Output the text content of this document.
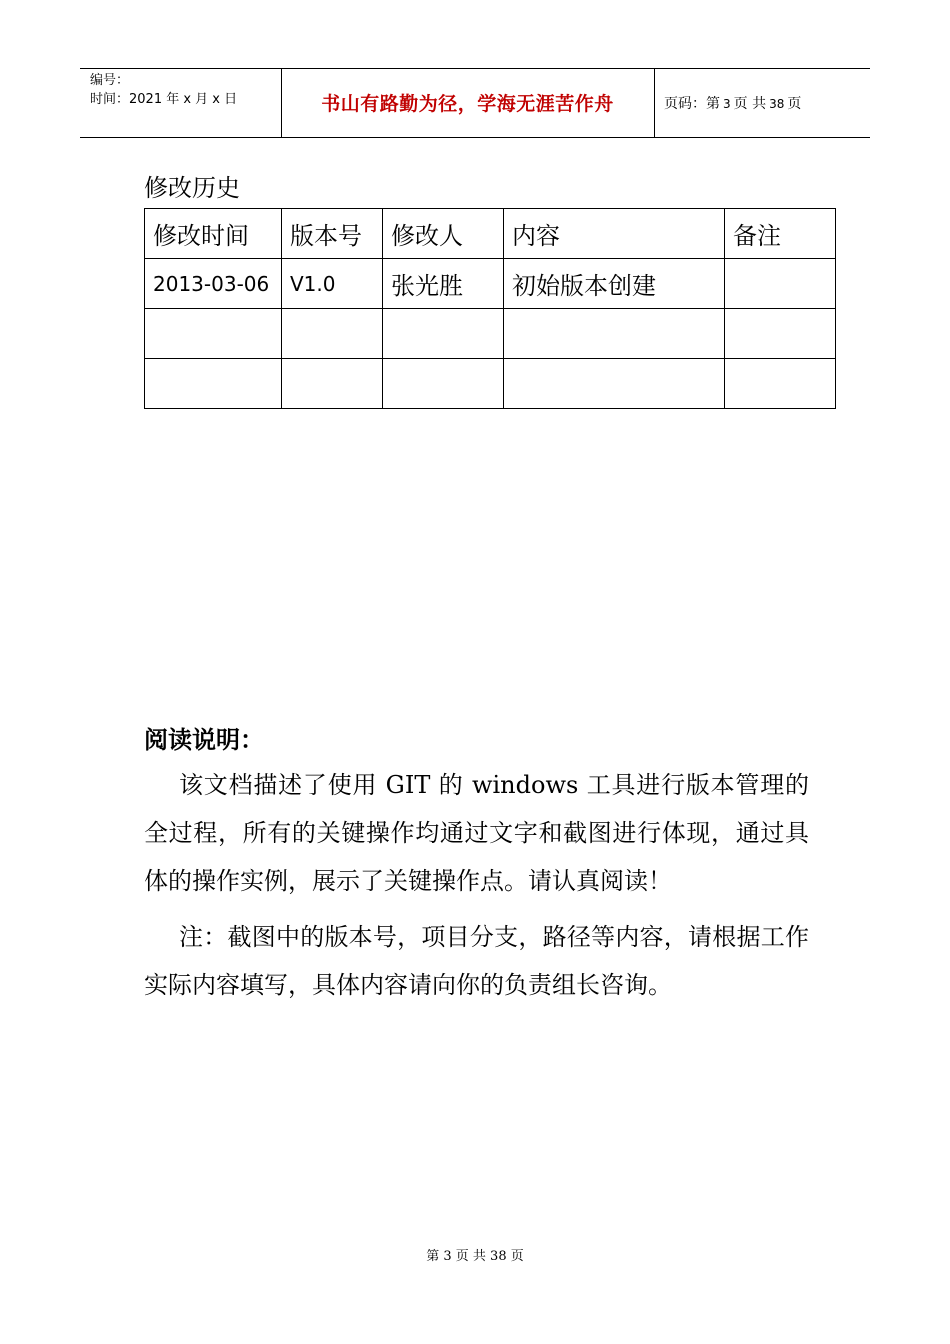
编号：
时间：2021 年 x 月 x 日	书山有路勤为径，学海无涯苦作舟	页码：第 3 页 共 38 页
修改历史
修改时间	版本号	修改人	内容	备注
2013-03-06	V1.0	张光胜	初始版本创建	

阅读说明：
该文档描述了使用 GIT 的 windows 工具进行版本管理的全过程，所有的关键操作均通过文字和截图进行体现，通过具体的操作实例，展示了关键操作点。请认真阅读！
注：截图中的版本号，项目分支，路径等内容，请根据工作实际内容填写，具体内容请向你的负责组长咨询。
第 3 页 共 38 页
